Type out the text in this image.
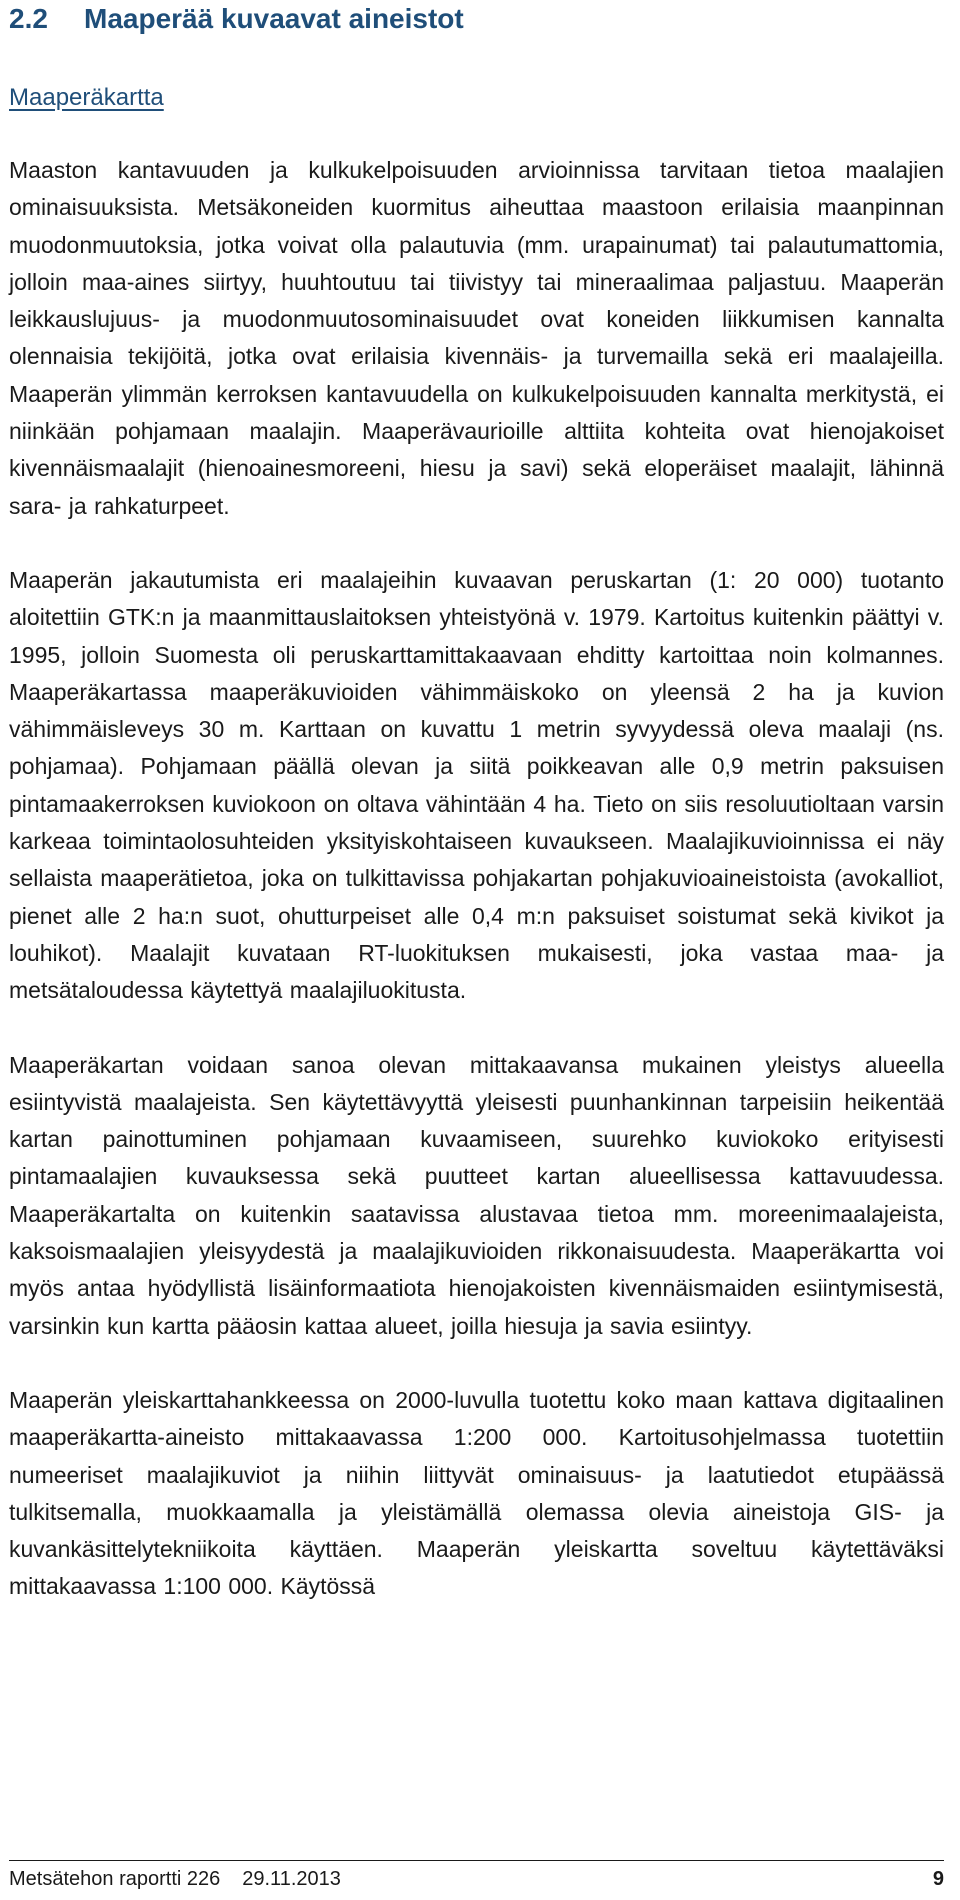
2.2	Maaperää kuvaavat aineistot
Maaperäkartta

Maaston kantavuuden ja kulkukelpoisuuden arvioinnissa tarvitaan tietoa maalajien ominaisuuksista. Metsäkoneiden kuormitus aiheuttaa maastoon erilaisia maanpinnan muodonmuutoksia, jotka voivat olla palautuvia (mm. urapainumat) tai palautumattomia, jolloin maa-aines siirtyy, huuhtoutuu tai tiivistyy tai mineraalimaa paljastuu. Maaperän leikkauslujuus- ja muodonmuutosominaisuudet ovat koneiden liikkumisen kannalta olennaisia tekijöitä, jotka ovat erilaisia kivennäis- ja turvemailla sekä eri maalajeilla. Maaperän ylimmän kerroksen kantavuudella on kulkukelpoisuuden kannalta merkitystä, ei niinkään pohjamaan maalajin. Maaperävaurioille alttiita kohteita ovat hienojakoiset kivennäismaalajit (hienoainesmoreeni, hiesu ja savi) sekä eloperäiset maalajit, lähinnä sara- ja rahkaturpeet.

Maaperän jakautumista eri maalajeihin kuvaavan peruskartan (1: 20 000) tuotanto aloitettiin GTK:n ja maanmittauslaitoksen yhteistyönä v. 1979. Kartoitus kuitenkin päättyi v. 1995, jolloin Suomesta oli peruskarttamittakaavaan ehditty kartoittaa noin kolmannes. Maaperäkartassa maaperäkuvioiden vähimmäiskoko on yleensä 2 ha ja kuvion vähimmäisleveys 30 m. Karttaan on kuvattu 1 metrin syvyydessä oleva maalaji (ns. pohjamaa). Pohjamaan päällä olevan ja siitä poikkeavan alle 0,9 metrin paksuisen pintamaakerroksen kuviokoon on oltava vähintään 4 ha. Tieto on siis resoluutioltaan varsin karkeaa toimintaolosuhteiden yksityiskohtaiseen kuvaukseen. Maalajikuvioinnissa ei näy sellaista maaperätietoa, joka on tulkittavissa pohjakartan pohjakuvioaineistoista (avokalliot, pienet alle 2 ha:n suot, ohutturpeiset alle 0,4 m:n paksuiset soistumat sekä kivikot ja louhikot). Maalajit kuvataan RT-luokituksen mukaisesti, joka vastaa maa- ja metsätaloudessa käytettyä maalajiluokitusta.

Maaperäkartan voidaan sanoa olevan mittakaavansa mukainen yleistys alueella esiintyvistä maalajeista. Sen käytettävyyttä yleisesti puunhankinnan tarpeisiin heikentää kartan painottuminen pohjamaan kuvaamiseen, suurehko kuviokoko erityisesti pintamaalajien kuvauksessa sekä puutteet kartan alueellisessa kattavuudessa. Maaperäkartalta on kuitenkin saatavissa alustavaa tietoa mm. moreenimaalajeista, kaksoismaalajien yleisyydestä ja maalajikuvioiden rikkonaisuudesta. Maaperäkartta voi myös antaa hyödyllistä lisäinformaatiota hienojakoisten kivennäismaiden esiintymisestä, varsinkin kun kartta pääosin kattaa alueet, joilla hiesuja ja savia esiintyy.

Maaperän yleiskarttahankkeessa on 2000-luvulla tuotettu koko maan kattava digitaalinen maaperäkartta-aineisto mittakaavassa 1:200 000. Kartoitusohjelmassa tuotettiin numeeriset maalajikuviot ja niihin liittyvät ominaisuus- ja laatutiedot etupäässä tulkitsemalla, muokkaamalla ja yleistämällä olemassa olevia aineistoja GIS- ja kuvankäsittelytekniikoita käyttäen. Maaperän yleiskartta soveltuu käytettäväksi mittakaavassa 1:100 000. Käytössä

Metsätehon raportti 226 29.11.2013	9
